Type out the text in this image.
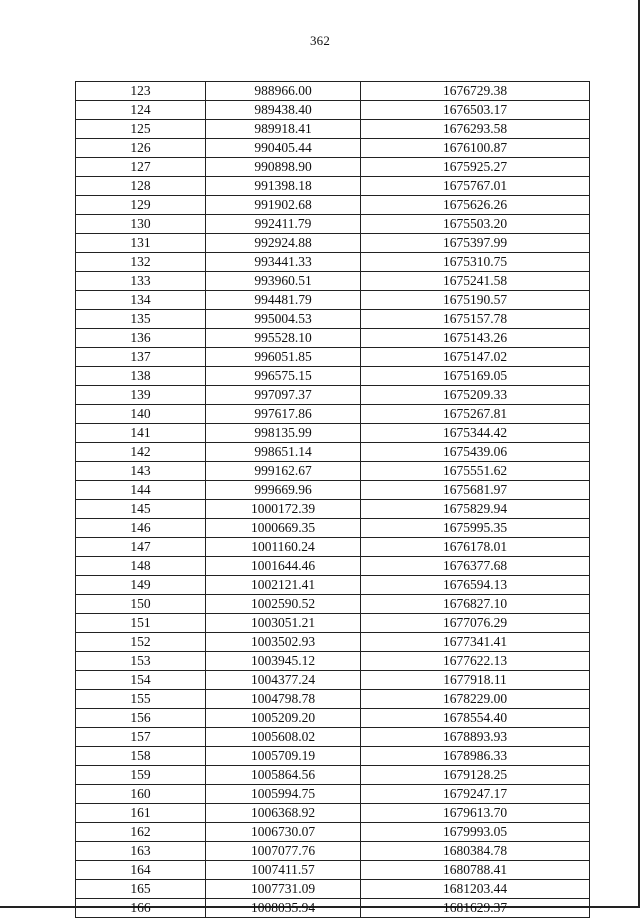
362
123	988966.00	1676729.38
124	989438.40	1676503.17
125	989918.41	1676293.58
126	990405.44	1676100.87
127	990898.90	1675925.27
128	991398.18	1675767.01
129	991902.68	1675626.26
130	992411.79	1675503.20
131	992924.88	1675397.99
132	993441.33	1675310.75
133	993960.51	1675241.58
134	994481.79	1675190.57
135	995004.53	1675157.78
136	995528.10	1675143.26
137	996051.85	1675147.02
138	996575.15	1675169.05
139	997097.37	1675209.33
140	997617.86	1675267.81
141	998135.99	1675344.42
142	998651.14	1675439.06
143	999162.67	1675551.62
144	999669.96	1675681.97
145	1000172.39	1675829.94
146	1000669.35	1675995.35
147	1001160.24	1676178.01
148	1001644.46	1676377.68
149	1002121.41	1676594.13
150	1002590.52	1676827.10
151	1003051.21	1677076.29
152	1003502.93	1677341.41
153	1003945.12	1677622.13
154	1004377.24	1677918.11
155	1004798.78	1678229.00
156	1005209.20	1678554.40
157	1005608.02	1678893.93
158	1005709.19	1678986.33
159	1005864.56	1679128.25
160	1005994.75	1679247.17
161	1006368.92	1679613.70
162	1006730.07	1679993.05
163	1007077.76	1680384.78
164	1007411.57	1680788.41
165	1007731.09	1681203.44
166	1008035.94	1681629.37
